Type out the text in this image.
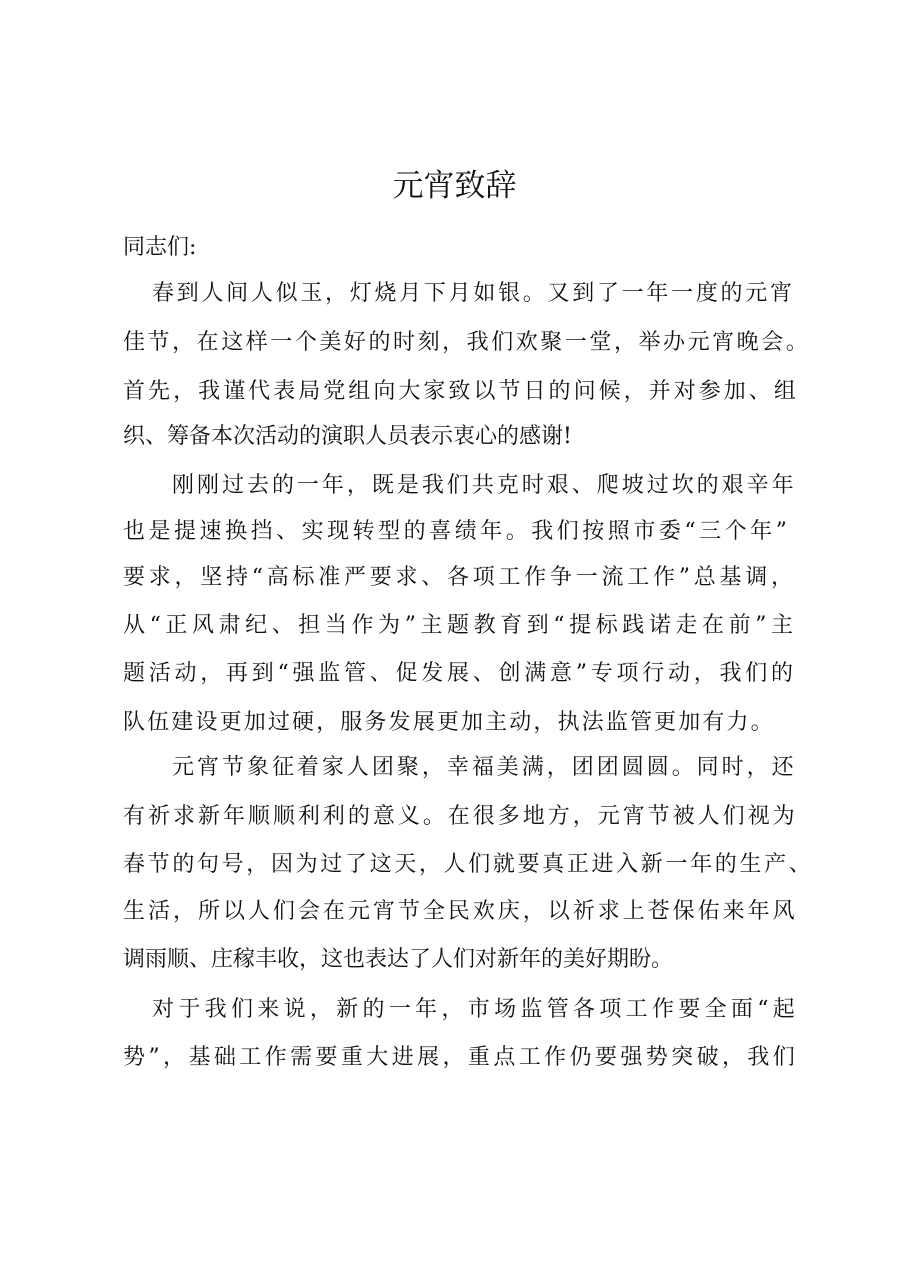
元宵致辞
同志们:
春 到 人 间 人 似 玉 ， 灯 烧 月 下 月 如 银 。 又 到 了 一 年 一 度 的 元 宵
佳 节 ， 在 这 样 一 个 美 好 的 时 刻 ， 我 们 欢 聚 一 堂 ， 举 办 元 宵 晚 会 。
首 先 ， 我 谨 代 表 局 党 组 向 大 家 致 以 节 日 的 问 候 ， 并 对 参 加 、 组
织、筹备本次活动的演职人员表示衷心的感谢!
刚 刚 过 去 的 一 年 ， 既 是 我 们 共 克 时 艰 、 爬 坡 过 坎 的 艰 辛 年
也 是 提 速 换 挡 、 实 现 转 型 的 喜 绩 年 。 我 们 按 照 市 委 “ 三 个 年 ”
要 求 ， 坚 持 “ 高 标 准 严 要 求 、 各 项 工 作 争 一 流 工 作 ” 总 基 调 ，
从 “ 正 风 肃 纪 、 担 当 作 为 ” 主 题 教 育 到 “ 提 标 践 诺 走 在 前 ” 主
题 活 动 ， 再 到 “ 强 监 管 、 促 发 展 、 创 满 意 ” 专 项 行 动 ， 我 们 的
队 伍 建 设 更 加 过 硬 ， 服 务 发 展 更 加 主 动 ， 执 法 监 管 更 加 有 力 。
元 宵 节 象 征 着 家 人 团 聚 ， 幸 福 美 满 ， 团 团 圆 圆 。 同 时 ， 还
有 祈 求 新 年 顺 顺 利 利 的 意 义 。 在 很 多 地 方 ， 元 宵 节 被 人 们 视 为
春 节 的 句 号 ， 因 为 过 了 这 天 ， 人 们 就 要 真 正 进 入 新 一 年 的 生 产 、
生 活 ， 所 以 人 们 会 在 元 宵 节 全 民 欢 庆 ， 以 祈 求 上 苍 保 佑 来 年 风
调雨顺、庄稼丰收，这也表达了人们对新年的美好期盼。
对 于 我 们 来 说 ， 新 的 一 年 ， 市 场 监 管 各 项 工 作 要 全 面 “ 起
势 ” ， 基 础 工 作 需 要 重 大 进 展 ， 重 点 工 作 仍 要 强 势 突 破 ， 我 们
